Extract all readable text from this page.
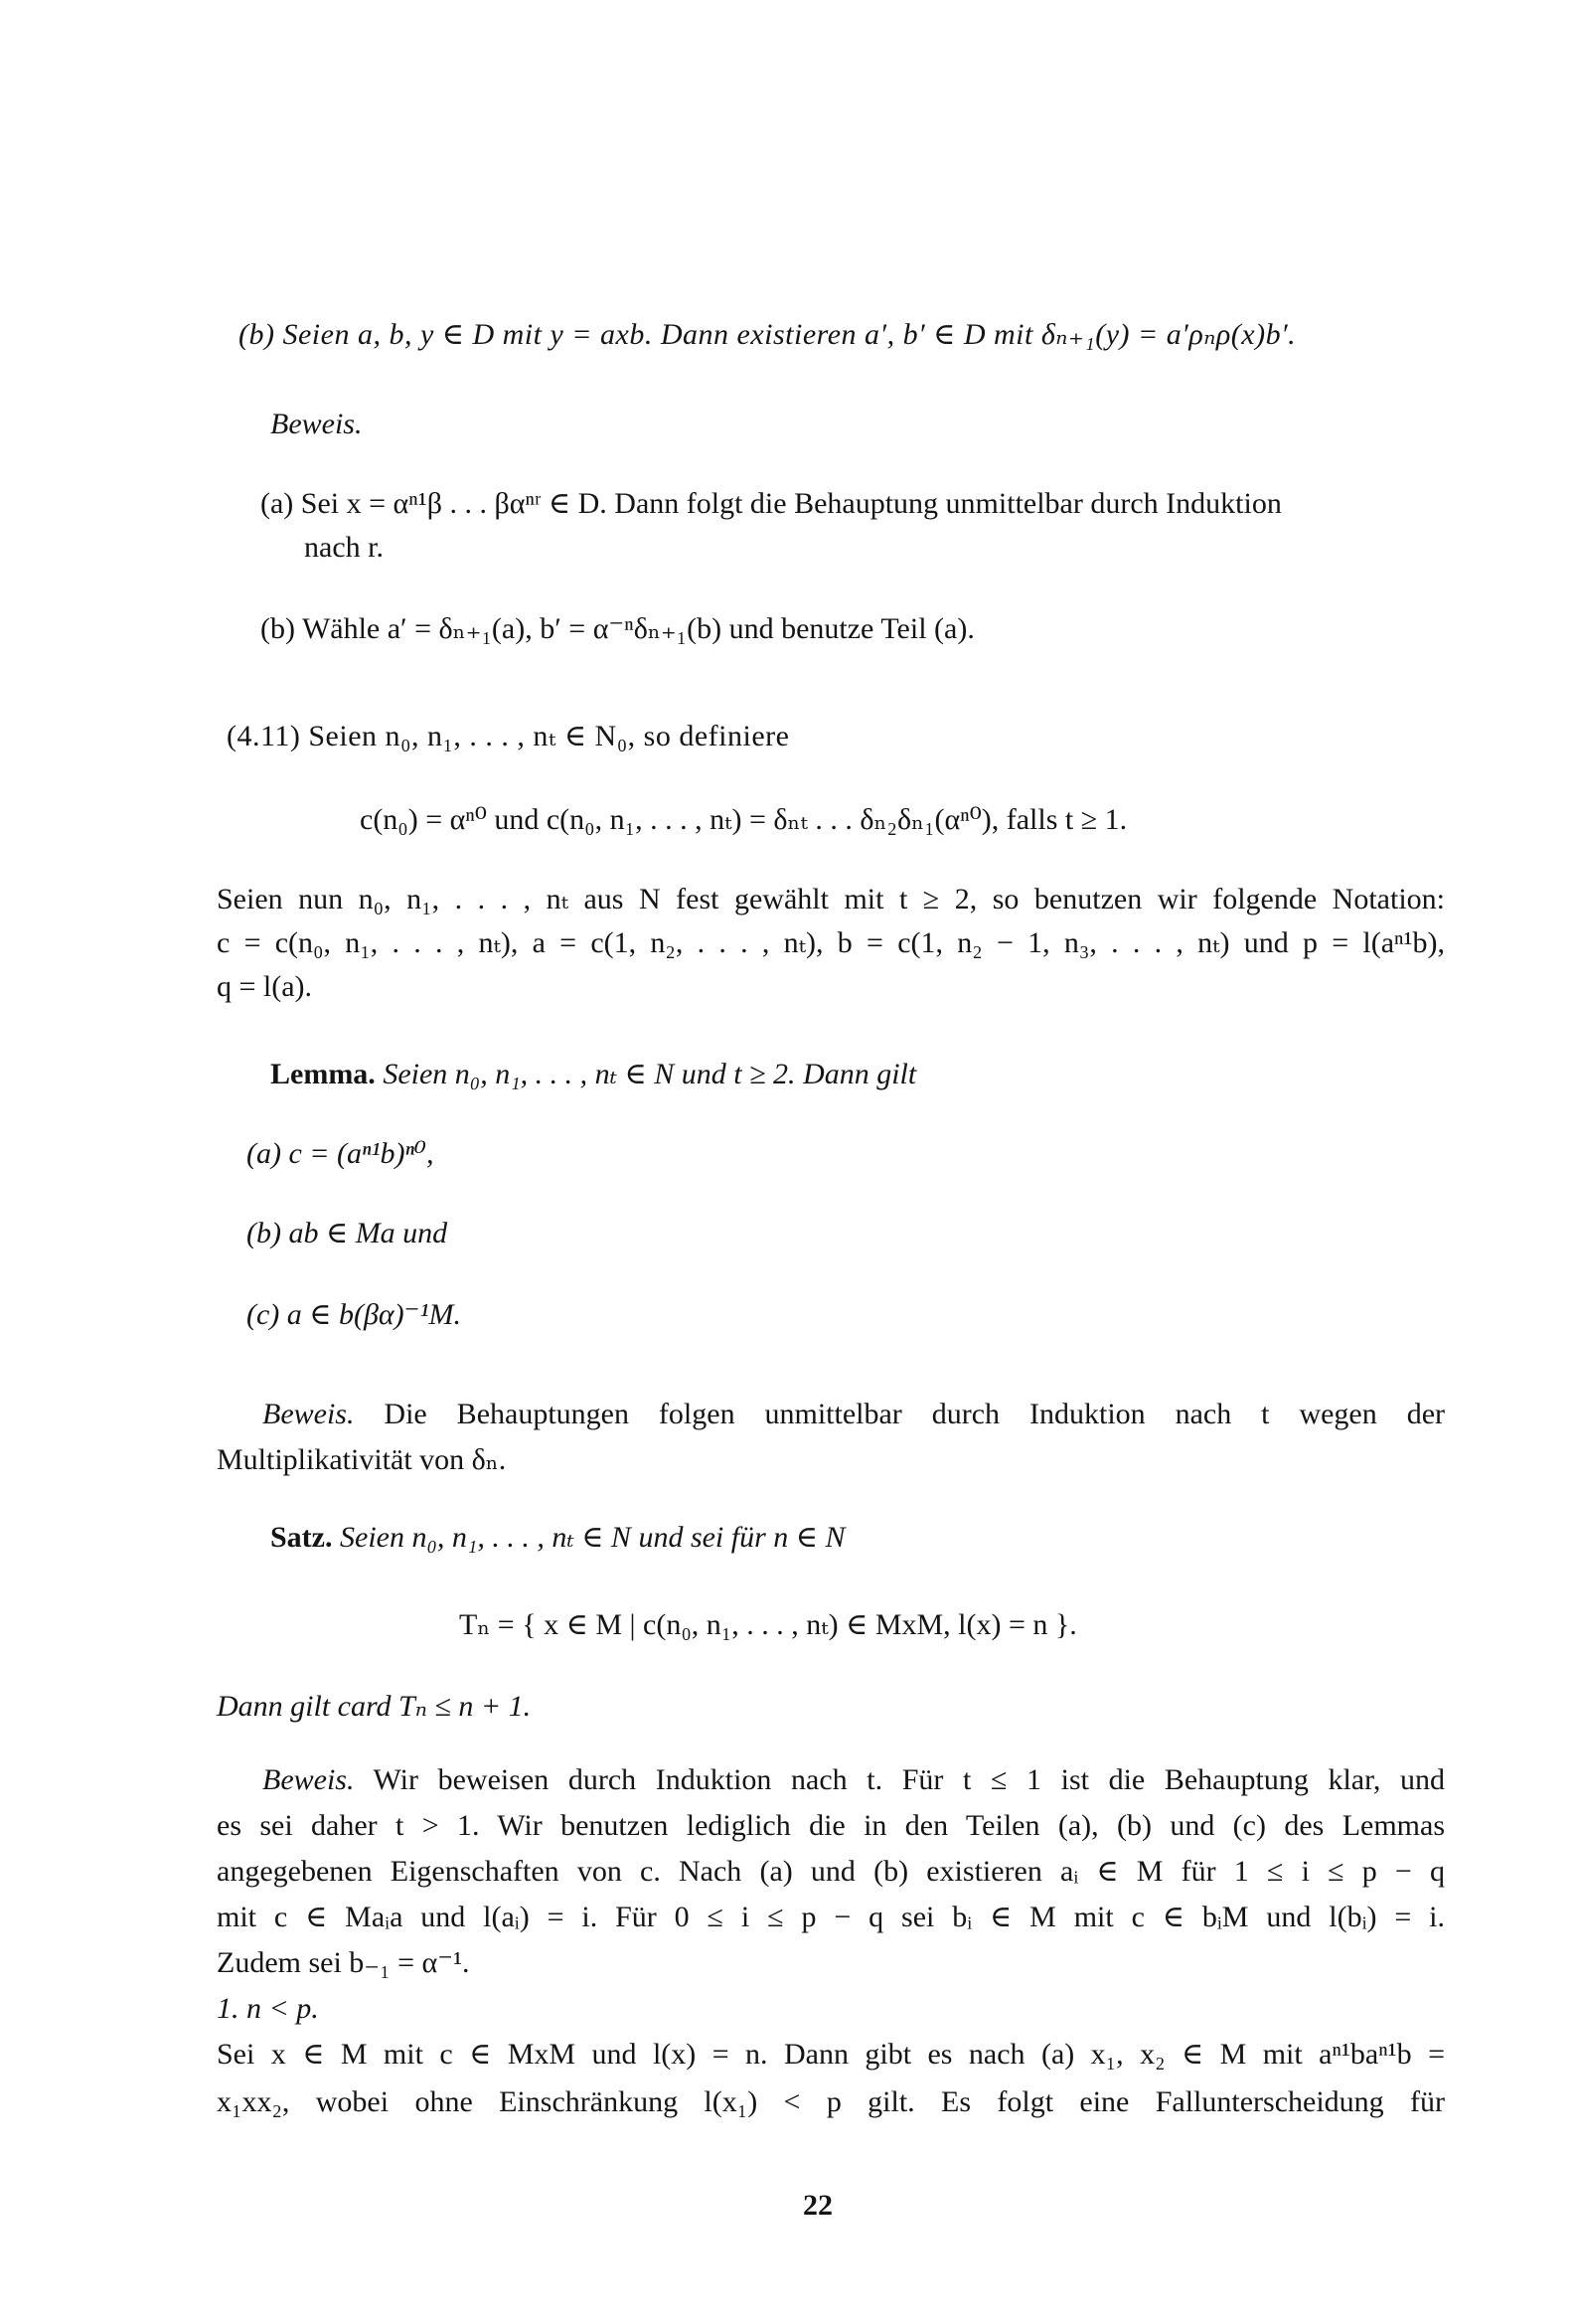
(b) Seien a, b, y ∈ D mit y = axb. Dann existieren a′, b′ ∈ D mit δₙ₊₁(y) = a′ρₙρ(x)b′.

Beweis.

(a) Sei x = αⁿ¹β . . . βαⁿʳ ∈ D. Dann folgt die Behauptung unmittelbar durch Induktion

nach r.

(b) Wähle a′ = δₙ₊₁(a), b′ = α⁻ⁿδₙ₊₁(b) und benutze Teil (a).

(4.11) Seien n₀, n₁, . . . , nₜ ∈ N₀, so definiere

c(n₀) = αⁿ⁰ und c(n₀, n₁, . . . , nₜ) = δₙₜ . . . δₙ₂δₙ₁(αⁿ⁰), falls t ≥ 1.

Seien nun n₀, n₁, . . . , nₜ aus N fest gewählt mit t ≥ 2, so benutzen wir folgende Notation:

c = c(n₀, n₁, . . . , nₜ), a = c(1, n₂, . . . , nₜ), b = c(1, n₂ − 1, n₃, . . . , nₜ) und p = l(aⁿ¹b),

q = l(a).

Lemma. Seien n₀, n₁, . . . , nₜ ∈ N und t ≥ 2. Dann gilt

(a) c = (aⁿ¹b)ⁿ⁰,

(b) ab ∈ Ma und

(c) a ∈ b(βα)⁻¹M.

Beweis. Die Behauptungen folgen unmittelbar durch Induktion nach t wegen der

Multiplikativität von δₙ.

Satz. Seien n₀, n₁, . . . , nₜ ∈ N und sei für n ∈ N

Tₙ = { x ∈ M | c(n₀, n₁, . . . , nₜ) ∈ MxM, l(x) = n }.

Dann gilt card Tₙ ≤ n + 1.

Beweis. Wir beweisen durch Induktion nach t. Für t ≤ 1 ist die Behauptung klar, und

es sei daher t > 1. Wir benutzen lediglich die in den Teilen (a), (b) und (c) des Lemmas

angegebenen Eigenschaften von c. Nach (a) und (b) existieren aᵢ ∈ M für 1 ≤ i ≤ p − q

mit c ∈ Maᵢa und l(aᵢ) = i. Für 0 ≤ i ≤ p − q sei bᵢ ∈ M mit c ∈ bᵢM und l(bᵢ) = i.

Zudem sei b₋₁ = α⁻¹.

1. n < p.

Sei x ∈ M mit c ∈ MxM und l(x) = n. Dann gibt es nach (a) x₁, x₂ ∈ M mit aⁿ¹baⁿ¹b =

x₁xx₂, wobei ohne Einschränkung l(x₁) < p gilt. Es folgt eine Fallunterscheidung für

22
